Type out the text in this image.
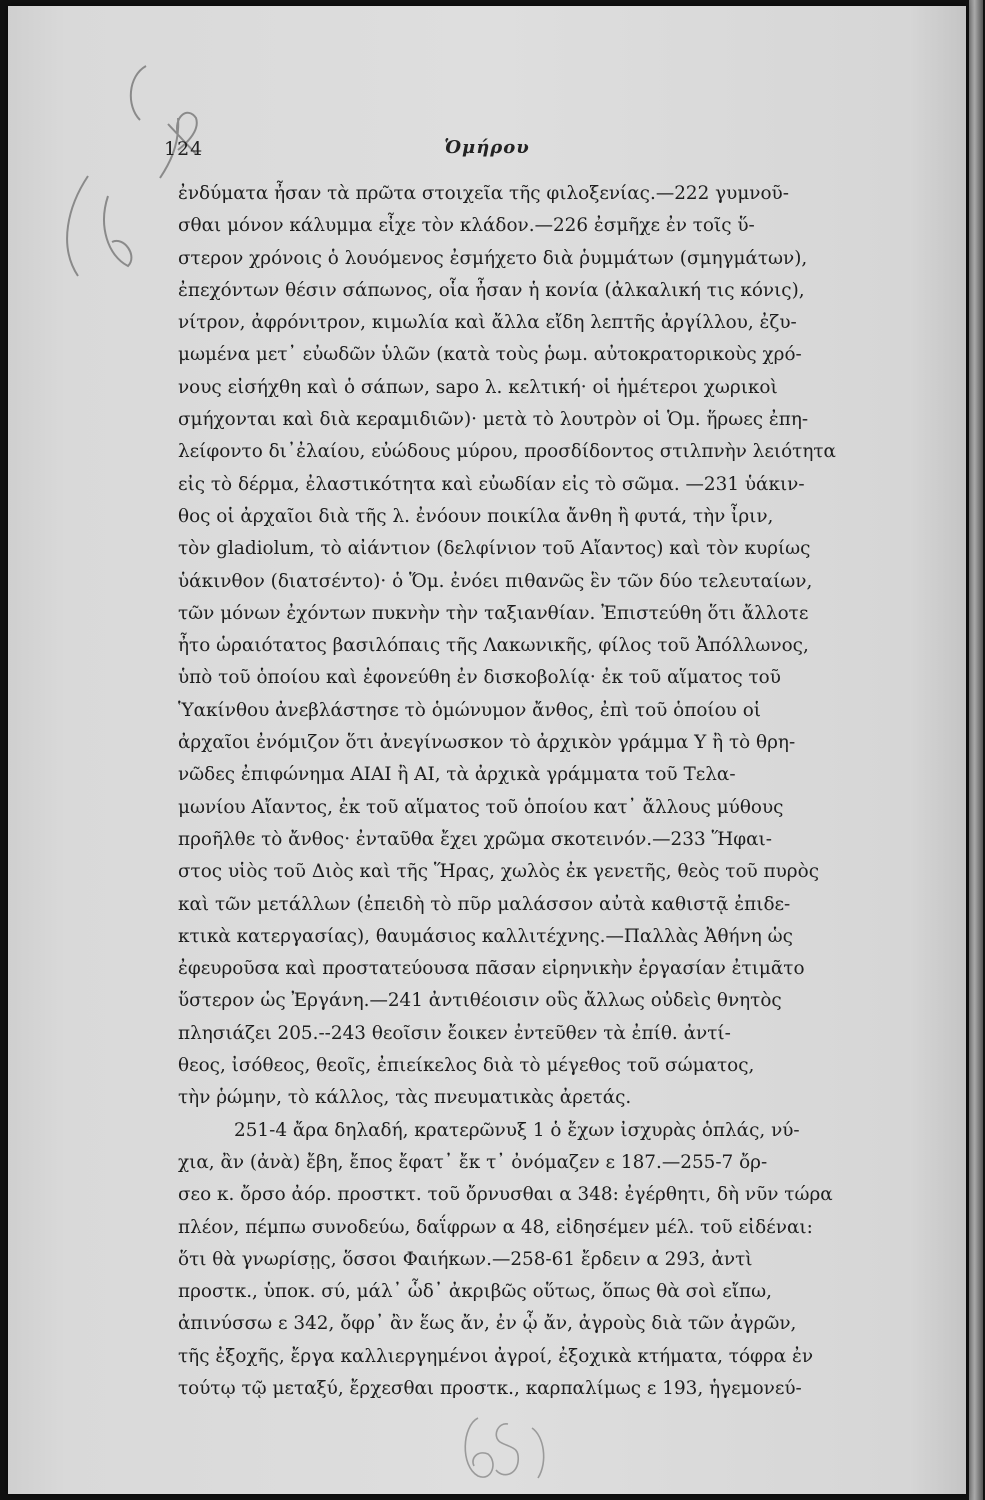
124	Ὁμήρου
ἐνδύματα ἦσαν τὰ πρῶτα στοιχεῖα τῆς φιλοξενίας.—222 γυμνοῦ-
σθαι μόνον κάλυμμα εἶχε τὸν κλάδον.—226 ἐσμῆχε ἐν τοῖς ὕ-
στερον χρόνοις ὁ λουόμενος ἐσμήχετο διὰ ῥυμμάτων (σμηγμάτων),
ἐπεχόντων θέσιν σάπωνος, οἷα ἦσαν ἡ κονία (ἀλκαλική τις κόνις),
νίτρον, ἀφρόνιτρον, κιμωλία καὶ ἄλλα εἴδη λεπτῆς ἀργίλλου, ἐζυ-
μωμένα μετ᾽ εὐωδῶν ὑλῶν (κατὰ τοὺς ῥωμ. αὐτοκρατορικοὺς χρό-
νους εἰσήχθη καὶ ὁ σάπων, sapo λ. κελτική· οἱ ἡμέτεροι χωρικοὶ
σμήχονται καὶ διὰ κεραμιδιῶν)· μετὰ τὸ λουτρὸν οἱ Ὁμ. ἥρωες ἐπη-
λείφοντο δι᾽ἐλαίου, εὐώδους μύρου, προσδίδοντος στιλπνὴν λειότητα
εἰς τὸ δέρμα, ἐλαστικότητα καὶ εὐωδίαν εἰς τὸ σῶμα. —231 ὑάκιν-
θος οἱ ἀρχαῖοι διὰ τῆς λ. ἐνόουν ποικίλα ἄνθη ἢ φυτά, τὴν ἶριν,
τὸν gladiolum, τὸ αἰάντιον (δελφίνιον τοῦ Αἴαντος) καὶ τὸν κυρίως
ὑάκινθον (διατσέντο)· ὁ Ὅμ. ἐνόει πιθανῶς ἓν τῶν δύο τελευταίων,
τῶν μόνων ἐχόντων πυκνὴν τὴν ταξιανθίαν. Ἐπιστεύθη ὅτι ἄλλοτε
ἦτο ὡραιότατος βασιλόπαις τῆς Λακωνικῆς, φίλος τοῦ Ἀπόλλωνος,
ὑπὸ τοῦ ὁποίου καὶ ἐφονεύθη ἐν δισκοβολίᾳ· ἐκ τοῦ αἵματος τοῦ
Ὑακίνθου ἀνεβλάστησε τὸ ὁμώνυμον ἄνθος, ἐπὶ τοῦ ὁποίου οἱ
ἀρχαῖοι ἐνόμιζον ὅτι ἀνεγίνωσκον τὸ ἀρχικὸν γράμμα Υ ἢ τὸ θρη-
νῶδες ἐπιφώνημα ΑΙΑΙ ἢ ΑΙ, τὰ ἀρχικὰ γράμματα τοῦ Τελα-
μωνίου Αἴαντος, ἐκ τοῦ αἵματος τοῦ ὁποίου κατ᾽ ἄλλους μύθους
προῆλθε τὸ ἄνθος· ἐνταῦθα ἔχει χρῶμα σκοτεινόν.—233 Ἥφαι-
στος υἱὸς τοῦ Διὸς καὶ τῆς Ἥρας, χωλὸς ἐκ γενετῆς, θεὸς τοῦ πυρὸς
καὶ τῶν μετάλλων (ἐπειδὴ τὸ πῦρ μαλάσσον αὐτὰ καθιστᾷ ἐπιδε-
κτικὰ κατεργασίας), θαυμάσιος καλλιτέχνης.—Παλλὰς Ἀθήνη ὡς
ἐφευροῦσα καὶ προστατεύουσα πᾶσαν εἰρηνικὴν ἐργασίαν ἐτιμᾶτο
ὕστερον ὡς Ἐργάνη.—241 ἀντιθέοισιν οὓς ἄλλως οὐδεὶς θνητὸς
πλησιάζει 205.--243 θεοῖσιν ἔοικεν ἐντεῦθεν τὰ ἐπίθ. ἀντί-
θεος, ἰσόθεος, θεοῖς, ἐπιείκελος διὰ τὸ μέγεθος τοῦ σώματος,
τὴν ῥώμην, τὸ κάλλος, τὰς πνευματικὰς ἀρετάς.
251-4 ἄρα δηλαδή, κρατερῶνυξ 1 ὁ ἔχων ἰσχυρὰς ὁπλάς, νύ-
χια, ἂν (ἀνὰ) ἔβη, ἔπος ἔφατ᾽ ἔκ τ᾽ ὀνόμαζεν ε 187.—255-7 ὄρ-
σεο κ. ὄρσο ἀόρ. προστκτ. τοῦ ὄρνυσθαι α 348: ἐγέρθητι, δὴ νῦν τώρα
πλέον, πέμπω συνοδεύω, δαΐφρων α 48, εἰδησέμεν μέλ. τοῦ εἰδέναι:
ὅτι θὰ γνωρίσῃς, ὅσσοι Φαιήκων.—258-61 ἔρδειν α 293, ἀντὶ
προστκ., ὑποκ. σύ, μάλ᾽ ὧδ᾽ ἀκριβῶς οὕτως, ὅπως θὰ σοὶ εἴπω,
ἀπινύσσω ε 342, ὄφρ᾽ ἂν ἕως ἄν, ἐν ᾧ ἄν, ἀγροὺς διὰ τῶν ἀγρῶν,
τῆς ἐξοχῆς, ἔργα καλλιεργημένοι ἀγροί, ἐξοχικὰ κτήματα, τόφρα ἐν
τούτῳ τῷ μεταξύ, ἔρχεσθαι προστκ., καρπαλίμως ε 193, ἡγεμονεύ-
